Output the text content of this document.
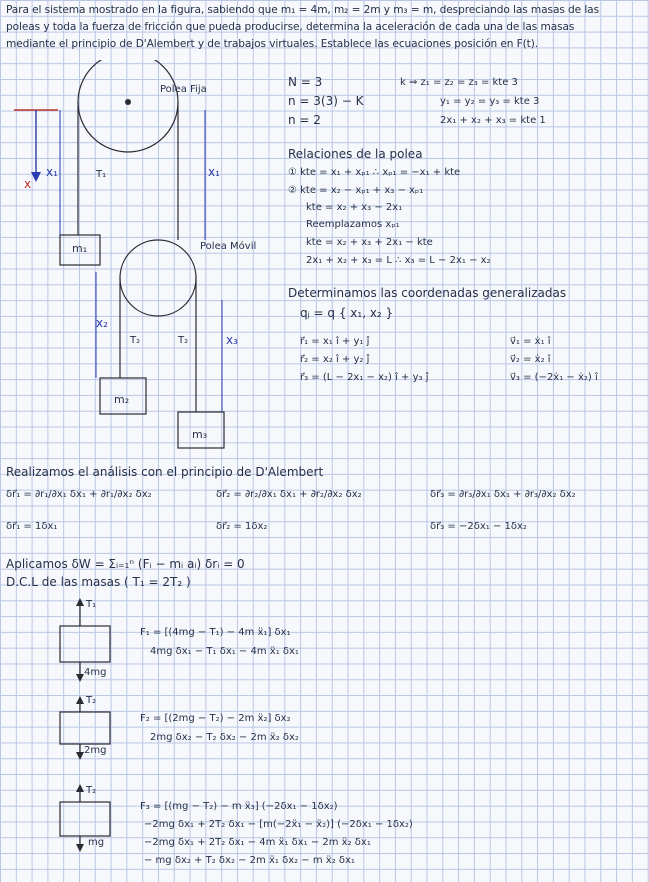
Para el sistema mostrado en la figura, sabiendo que m₁ = 4m, m₂ = 2m y m₃ = m, despreciando las masas de las
poleas y toda la fuerza de fricción que pueda producirse, determina la aceleración de cada una de las masas
mediante el principio de D'Alembert y de trabajos virtuales. Establece las ecuaciones posición en F(t).
Polea Fija
Polea Móvil
x
x₁	x₁
x₂
x₃
T₁
T₂	T₂
m₁
m₂
m₃
N = 3
n = 3(3) − K
n = 2
k ⇒ z₁ = z₂ = z₃ = kte 3
y₁ = y₂ = y₃ = kte 3
2x₁ + x₂ + x₃ = kte 1
Relaciones de la polea
① kte = x₁ + xₚ₁ ∴ xₚ₁ = −x₁ + kte
② kte = x₂ − xₚ₁ + x₃ − xₚ₁
kte = x₂ + x₃ − 2x₁
Reemplazamos xₚ₁
kte = x₂ + x₃ + 2x₁ − kte
2x₁ + x₂ + x₃ = L ∴ x₃ = L − 2x₁ − x₂
Determinamos las coordenadas generalizadas
qⱼ = q { x₁, x₂ }
r⃗₁ = x₁ î + y₁ ĵ
r⃗₂ = x₂ î + y₂ ĵ
r⃗₃ = (L − 2x₁ − x₂) î + y₃ ĵ
v⃗₁ = ẋ₁ î
v⃗₂ = ẋ₂ î
v⃗₃ = (−2ẋ₁ − ẋ₂) î
Realizamos el análisis con el principio de D'Alembert
δr⃗₁ = ∂r₁/∂x₁ δx₁ + ∂r₁/∂x₂ δx₂	δr⃗₂ = ∂r₂/∂x₁ δx₁ + ∂r₂/∂x₂ δx₂	δr⃗₃ = ∂r₃/∂x₁ δx₁ + ∂r₃/∂x₂ δx₂
δr⃗₁ = 1δx₁	δr⃗₂ = 1δx₂	δr⃗₃ = −2δx₁ − 1δx₂
Aplicamos δW = Σᵢ₌₁ⁿ (Fᵢ − mᵢ aᵢ) δrᵢ = 0
D.C.L de las masas ( T₁ = 2T₂ )
T₁
4mg
T₂
2mg
T₂
mg
F₁ = [(4mg − T₁) − 4m ẍ₁] δx₁
4mg δx₁ − T₁ δx₁ − 4m ẍ₁ δx₁
F₂ = [(2mg − T₂) − 2m ẍ₂] δx₂
2mg δx₂ − T₂ δx₂ − 2m ẍ₂ δx₂
F₃ = [(mg − T₂) − m ẍ₃] (−2δx₁ − 1δx₂)
−2mg δx₁ + 2T₂ δx₁ − [m(−2ẍ₁ − ẍ₂)] (−2δx₁ − 1δx₂)
−2mg δx₁ + 2T₂ δx₁ − 4m ẍ₁ δx₁ − 2m ẍ₂ δx₁
− mg δx₂ + T₂ δx₂ − 2m ẍ₁ δx₂ − m ẍ₂ δx₁
